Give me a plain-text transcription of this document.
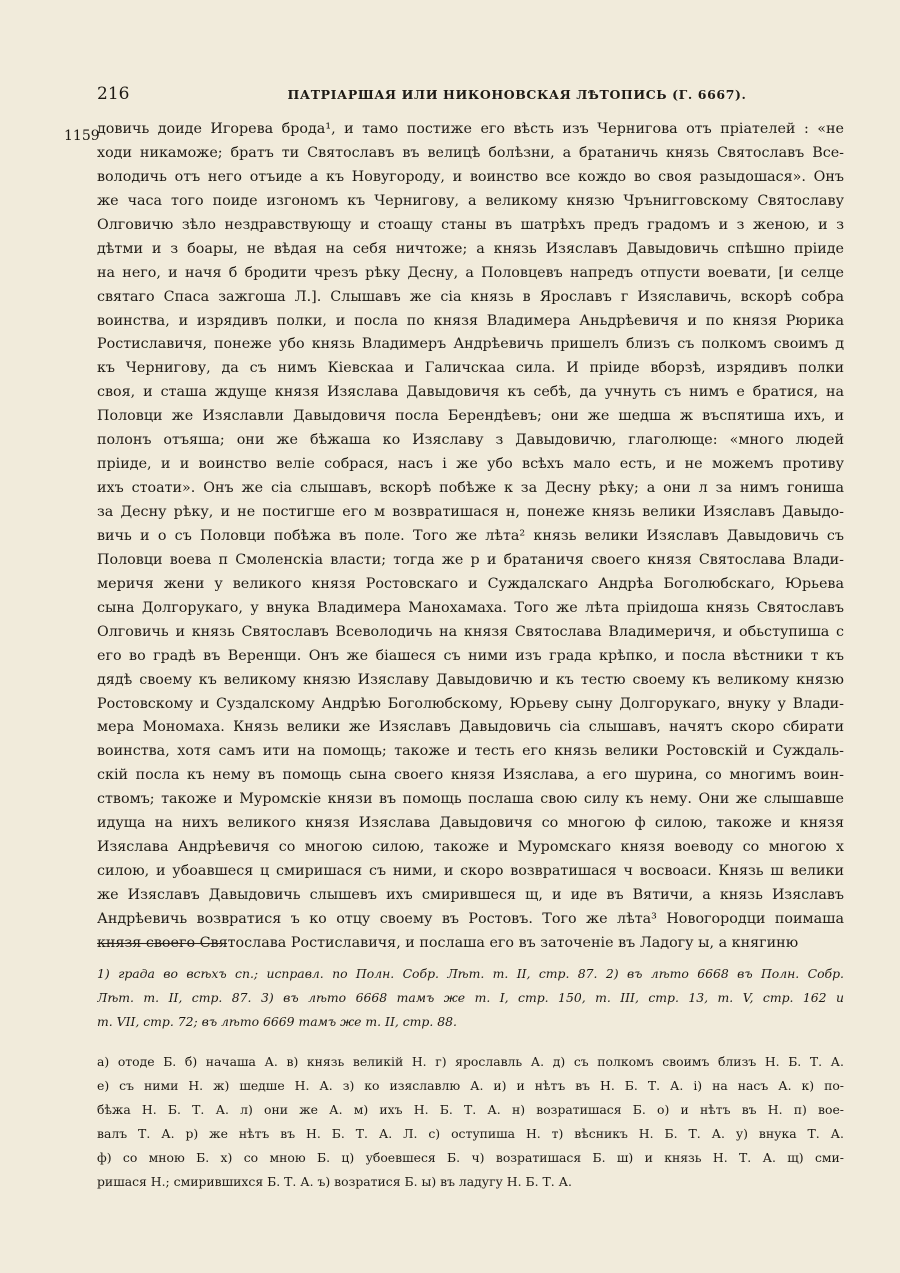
216	ПАТРІАРШАЯ ИЛИ НИКОНОВСКАЯ ЛѢТОПИСЬ (Г. 6667).
1159
довичь доиде Игорева брода¹, и тамо постиже его вѣсть изъ Чернигова отъ пріателей : «не
ходи никаможе; братъ ти Святославъ въ велицѣ болѣзни, а братаничь князь Святославъ Все-
володичь отъ него отъиде а къ Новугороду, и воинство все кождо во своя разыдошася». Онъ
же часа того поиде изгономъ къ Чернигову, а великому князю Чрънигговскому Святославу
Олговичю зѣло нездравствующу и стоащу станы въ шатрѣхъ предъ градомъ и з женою, и з
дѣтми и з боары, не вѣдая на себя ничтоже; а князь Изяславъ Давыдовичь спѣшно пріиде
на него, и начя б бродити чрезъ рѣку Десну, а Половцевъ напредъ отпусти воевати, [и селце
святаго Спаса зажгоша Л.]. Слышавъ же сіа князь в Ярославъ г Изяславичь, вскорѣ собра
воинства, и изрядивъ полки, и посла по князя Владимера Аньдрѣевичя и по князя Рюрика
Ростиславичя, понеже убо князь Владимеръ Андрѣевичь пришелъ близъ съ полкомъ своимъ д
къ Чернигову, да съ нимъ Кіевскаа и Галичскаа сила. И пріиде вборзѣ, изрядивъ полки
своя, и сташа ждуще князя Изяслава Давыдовичя къ себѣ, да учнуть съ нимъ е братися, на
Половци же Изяславли Давыдовичя посла Берендѣевъ; они же шедша ж въспятиша ихъ, и
полонъ отъяша; они же бѣжаша ко Изяславу з Давыдовичю, глаголюще: «много людей
пріиде, и и воинство веліе собрася, насъ і же убо всѣхъ мало есть, и не можемъ противу
ихъ стоати». Онъ же сіа слышавъ, вскорѣ побѣже к за Десну рѣку; а они л за нимъ гониша
за Десну рѣку, и не постигше его м возвратишася н, понеже князь велики Изяславъ Давыдо-
вичь и о съ Половци побѣжа въ поле. Того же лѣта² князь велики Изяславъ Давыдовичь съ
Половци воева п Смоленскіа власти; тогда же р и братаничя своего князя Святослава Влади-
меричя жени у великого князя Ростовскаго и Суждалскаго Андрѣа Боголюбскаго, Юрьева
сына Долгорукаго, у внука Владимера Манохамаха. Того же лѣта пріидоша князь Святославъ
Олговичь и князь Святославъ Всеволодичь на князя Святослава Владимеричя, и обьступиша с
его во градѣ въ Веренщи. Онъ же біашеся съ ними изъ града крѣпко, и посла вѣстники т къ
дядѣ своему къ великому князю Изяславу Давыдовичю и къ тестю своему къ великому князю
Ростовскому и Суздалскому Андрѣю Боголюбскому, Юрьеву сыну Долгорукаго, внуку у Влади-
мера Мономаха. Князь велики же Изяславъ Давыдовичь сіа слышавъ, начятъ скоро сбирати
воинства, хотя самъ ити на помощь; такоже и тесть его князь велики Ростовскій и Суждаль-
скій посла къ нему въ помощь сына своего князя Изяслава, а его шурина, со многимъ воин-
ствомъ; такоже и Муромскіе князи въ помощь послаша свою силу къ нему. Они же слышавше
идуща на нихъ великого князя Изяслава Давыдовичя со многою ф силою, такоже и князя
Изяслава Андрѣевичя со многою силою, такоже и Муромскаго князя воеводу со многою х
силою, и убоавшеся ц смиришася съ ними, и скоро возвратишася ч восвоаси. Князь ш велики
же Изяславъ Давыдовичь слышевъ ихъ смирившеся щ, и иде въ Вятичи, а князь Изяславъ
Андрѣевичь возвратися ъ ко отцу своему въ Ростовъ. Того же лѣта³ Новогородци поимаша
князя своего Святослава Ростиславичя, и послаша его въ заточеніе въ Ладогу ы, а княгиню
1) града во всѣхъ сп.; исправл. по Полн. Собр. Лѣт. т. II, стр. 87. 2) въ лѣто 6668 въ Полн. Собр.
Лѣт. т. II, стр. 87. 3) въ лѣто 6668 тамъ же т. I, стр. 150, т. III, стр. 13, т. V, стр. 162 и
т. VII, стр. 72; въ лѣто 6669 тамъ же т. II, стр. 88.
а) отоде Б. б) начаша А. в) князь великій Н. г) ярославль А. д) съ полкомъ своимъ близъ Н. Б. Т. А.
е) съ ними Н. ж) шедше Н. А. з) ко изяславлю А. и) и нѣтъ въ Н. Б. Т. А. і) на насъ А. к) по-
бѣжа Н. Б. Т. А. л) они же А. м) ихъ Н. Б. Т. А. н) возратишася Б. о) и нѣтъ въ Н. п) вое-
валъ Т. А. р) же нѣтъ въ Н. Б. Т. А. Л. с) оступиша Н. т) вѣсникъ Н. Б. Т. А. у) внука Т. А.
ф) со мною Б. х) со мною Б. ц) убоевшеся Б. ч) возратишася Б. ш) и князь Н. Т. А. щ) сми-
ришася Н.; смирившихся Б. Т. А. ъ) возратися Б. ы) въ ладугу Н. Б. Т. А.
